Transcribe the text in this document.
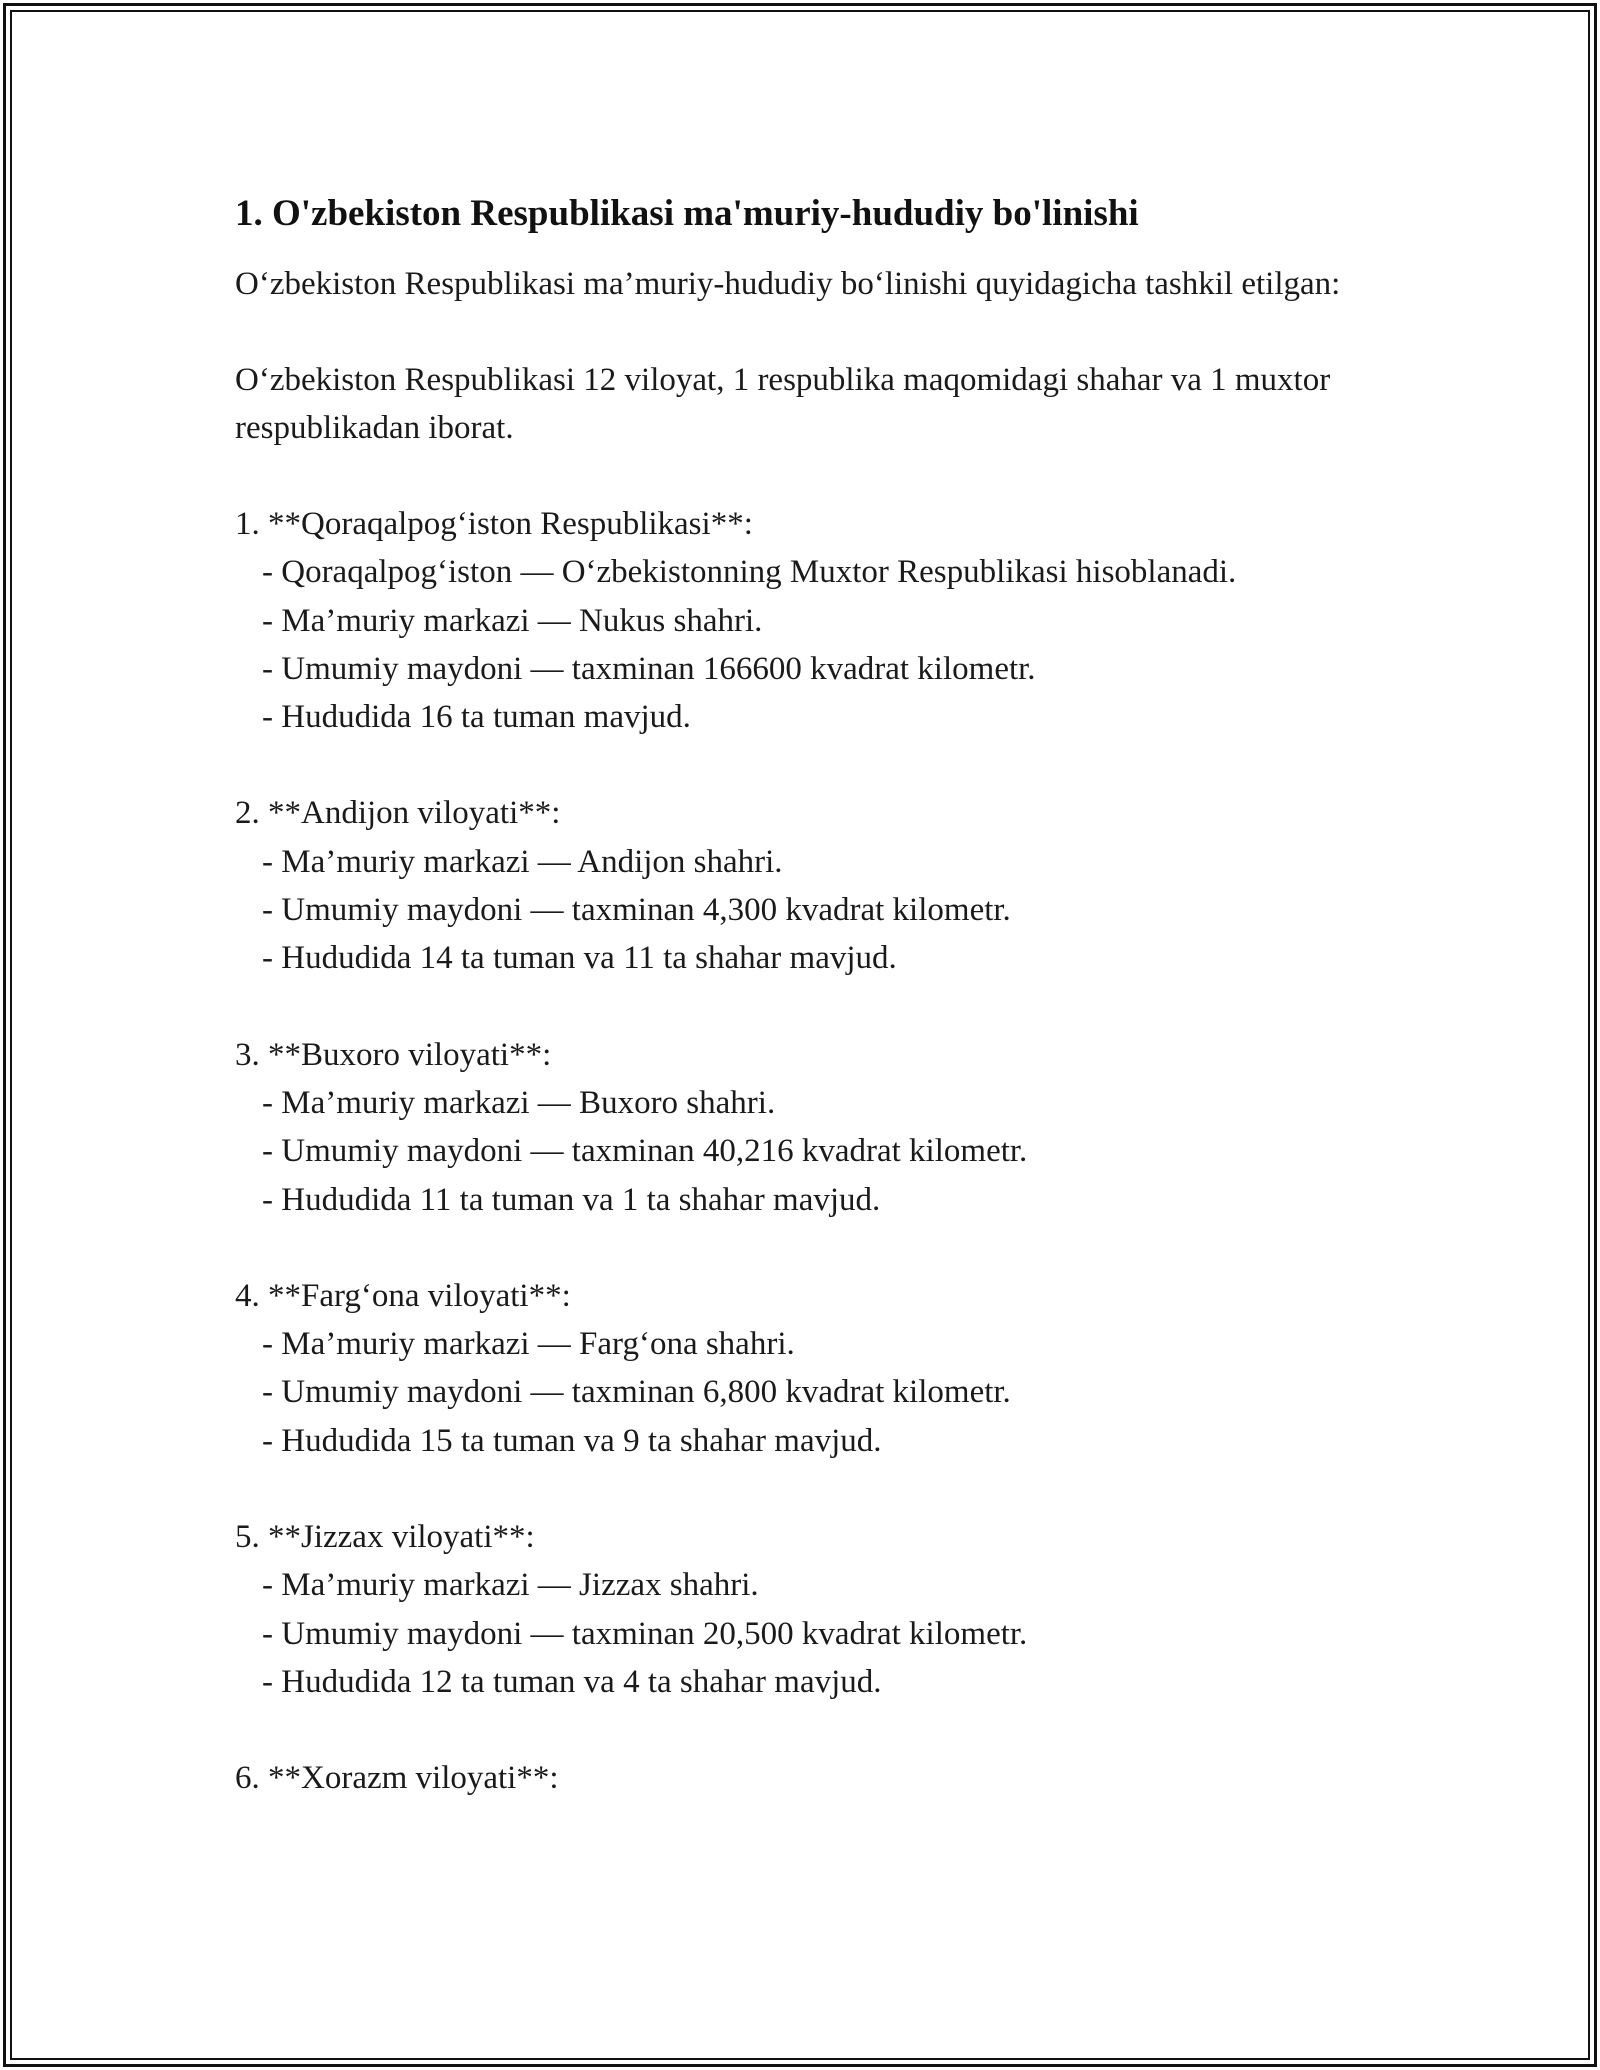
1. O'zbekiston Respublikasi ma'muriy-hududiy bo'linishi

O‘zbekiston Respublikasi ma’muriy-hududiy bo‘linishi quyidagicha tashkil etilgan:

O‘zbekiston Respublikasi 12 viloyat, 1 respublika maqomidagi shahar va 1 muxtor respublikadan iborat.

1. **Qoraqalpog‘iston Respublikasi**:
- Qoraqalpog‘iston — O‘zbekistonning Muxtor Respublikasi hisoblanadi.
- Ma’muriy markazi — Nukus shahri.
- Umumiy maydoni — taxminan 166600 kvadrat kilometr.
- Hududida 16 ta tuman mavjud.
2. **Andijon viloyati**:
- Ma’muriy markazi — Andijon shahri.
- Umumiy maydoni — taxminan 4,300 kvadrat kilometr.
- Hududida 14 ta tuman va 11 ta shahar mavjud.
3. **Buxoro viloyati**:
- Ma’muriy markazi — Buxoro shahri.
- Umumiy maydoni — taxminan 40,216 kvadrat kilometr.
- Hududida 11 ta tuman va 1 ta shahar mavjud.
4. **Farg‘ona viloyati**:
- Ma’muriy markazi — Farg‘ona shahri.
- Umumiy maydoni — taxminan 6,800 kvadrat kilometr.
- Hududida 15 ta tuman va 9 ta shahar mavjud.
5. **Jizzax viloyati**:
- Ma’muriy markazi — Jizzax shahri.
- Umumiy maydoni — taxminan 20,500 kvadrat kilometr.
- Hududida 12 ta tuman va 4 ta shahar mavjud.
6. **Xorazm viloyati**:
